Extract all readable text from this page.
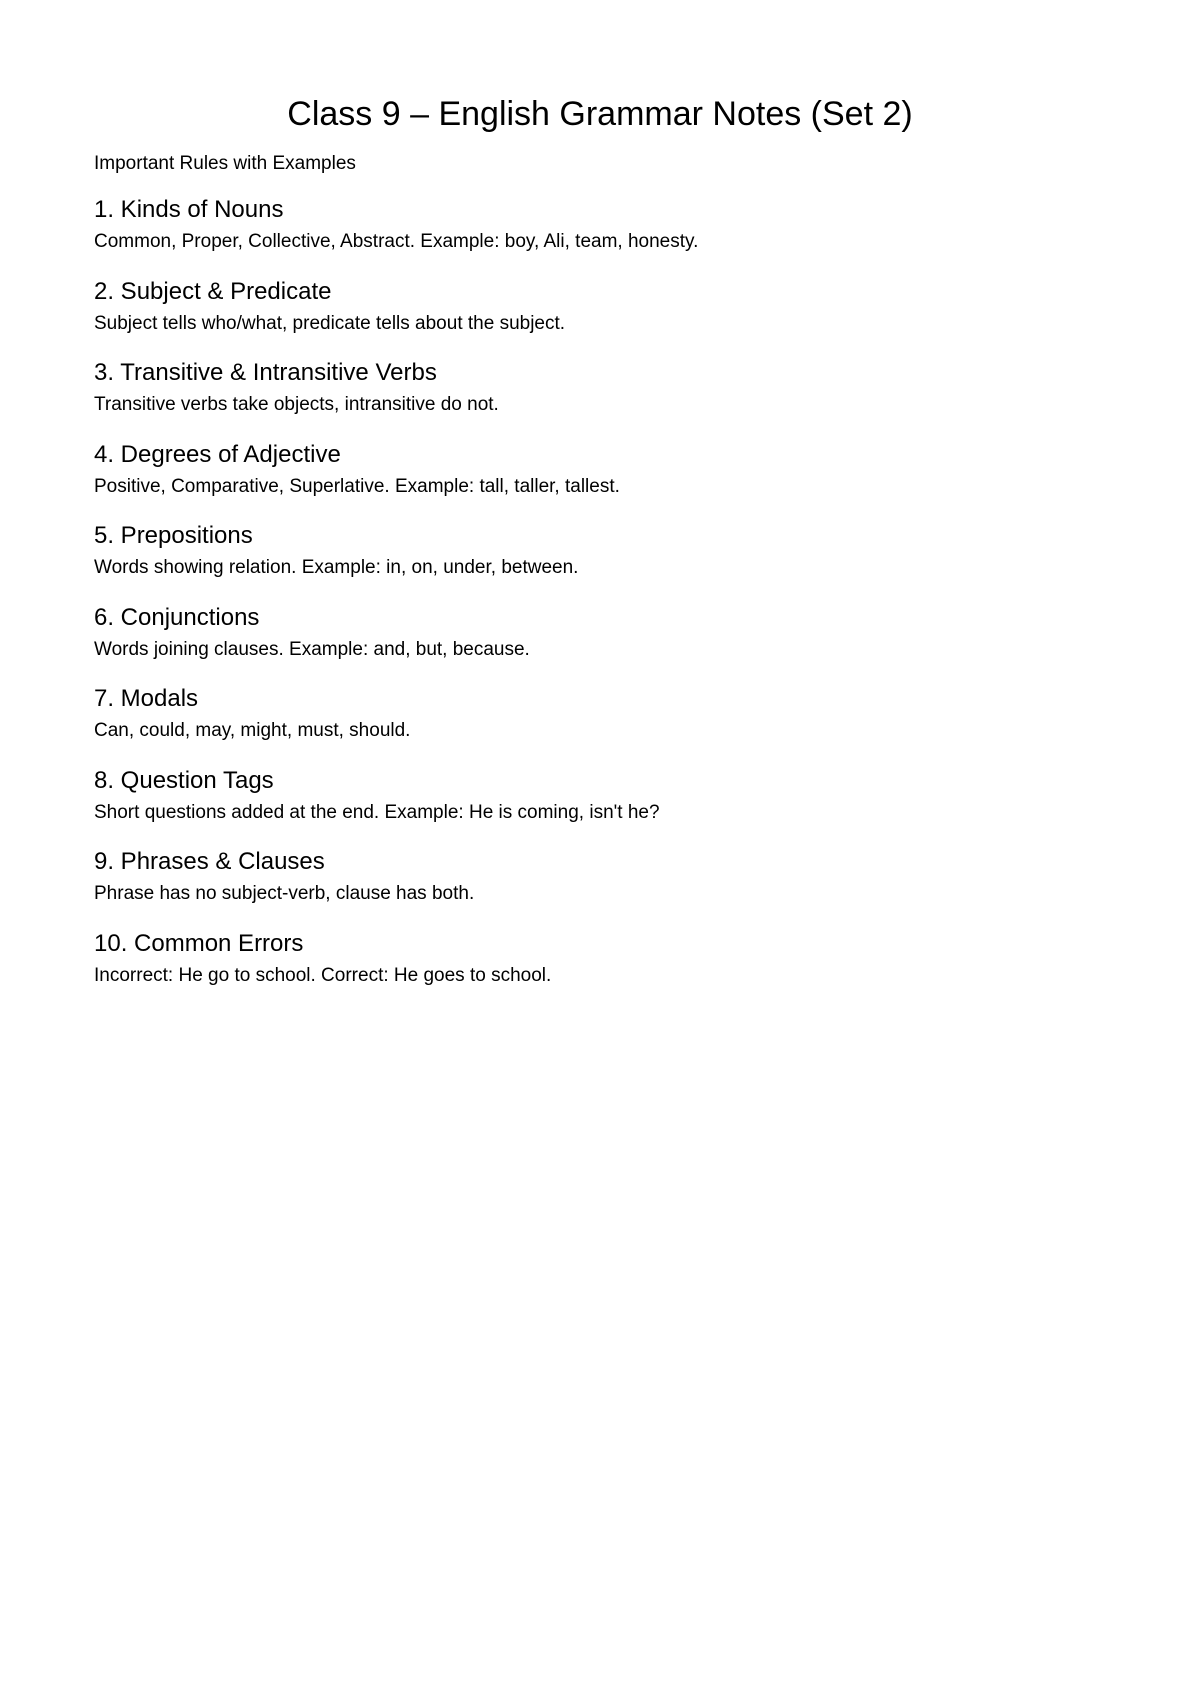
Class 9 – English Grammar Notes (Set 2)

Important Rules with Examples

1. Kinds of Nouns

Common, Proper, Collective, Abstract. Example: boy, Ali, team, honesty.

2. Subject & Predicate

Subject tells who/what, predicate tells about the subject.

3. Transitive & Intransitive Verbs

Transitive verbs take objects, intransitive do not.

4. Degrees of Adjective

Positive, Comparative, Superlative. Example: tall, taller, tallest.

5. Prepositions

Words showing relation. Example: in, on, under, between.

6. Conjunctions

Words joining clauses. Example: and, but, because.

7. Modals

Can, could, may, might, must, should.

8. Question Tags

Short questions added at the end. Example: He is coming, isn't he?

9. Phrases & Clauses

Phrase has no subject-verb, clause has both.

10. Common Errors

Incorrect: He go to school. Correct: He goes to school.
